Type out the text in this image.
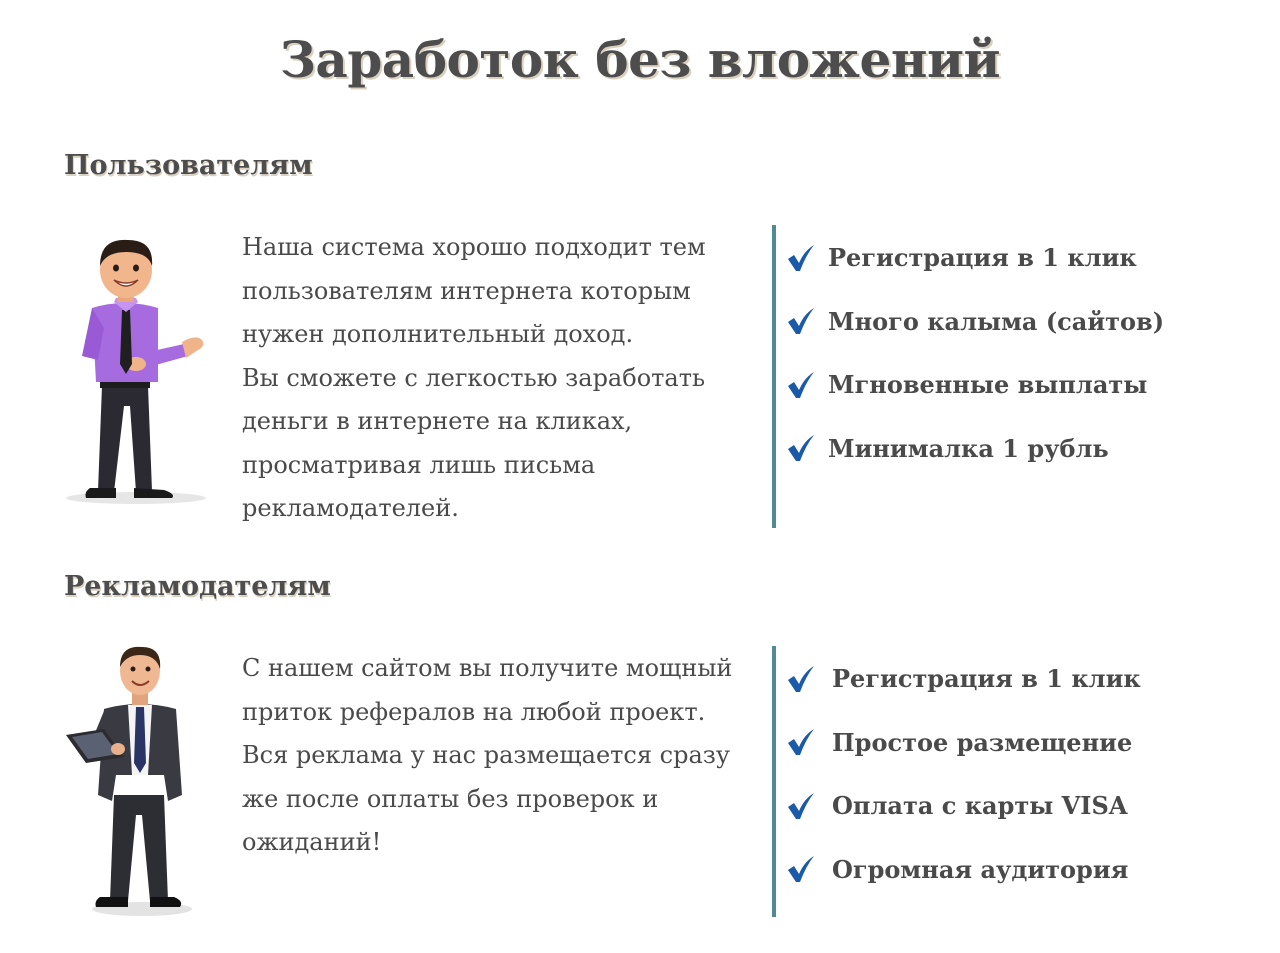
Заработок без вложений
Пользователям

Наша система хорошо подходит тем пользователям интернета которым нужен дополнительный доход.

Вы сможете с легкостью заработать деньги в интернете на кликах, просматривая лишь письма рекламодателей.

Регистрация в 1 клик
Много калыма (сайтов)
Мгновенные выплаты
Минималка 1 рубль
Рекламодателям

С нашем сайтом вы получите мощный приток рефералов на любой проект. Вся реклама у нас размещается сразу же после оплаты без проверок и ожиданий!

Регистрация в 1 клик
Простое размещение
Оплата с карты VISA
Огромная аудитория
